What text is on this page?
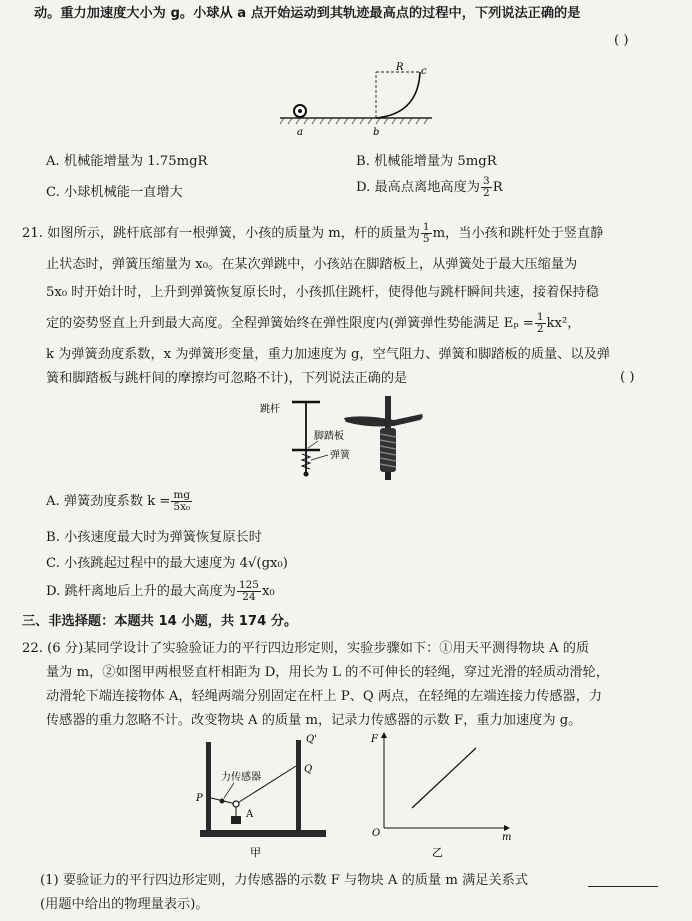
动。重力加速度大小为 g。小球从 a 点开始运动到其轨迹最高点的过程中，下列说法正确的是
( )
R c
a	b
A. 机械能增量为 1.75mgR	B. 机械能增量为 5mgR
C. 小球机械能一直增大	D. 最高点离地高度为 $\frac{3}{2}$ R
21. 如图所示，跳杆底部有一根弹簧，小孩的质量为 m，杆的质量为 $\frac{1}{5}$ m，当小孩和跳杆处于竖直静
止状态时，弹簧压缩量为 x₀。在某次弹跳中，小孩站在脚踏板上，从弹簧处于最大压缩量为
5x₀ 时开始计时，上升到弹簧恢复原长时，小孩抓住跳杆，使得他与跳杆瞬间共速，接着保持稳
定的姿势竖直上升到最大高度。全程弹簧始终在弹性限度内(弹簧弹性势能满足 $E_p = \frac{1}{2} kx^2$，
k 为弹簧劲度系数，x 为弹簧形变量，重力加速度为 g，空气阻力、弹簧和脚踏板的质量、以及弹
簧和脚踏板与跳杆间的摩擦均可忽略不计)，下列说法正确的是	( )
跳杆
脚踏板
弹簧
A. 弹簧劲度系数 $k = \frac{mg}{\text{5x₀}}$
B. 小孩速度最大时为弹簧恢复原长时
C. 小孩跳起过程中的最大速度为 4√(gx₀)
D. 跳杆离地后上升的最大高度为 $\frac{125}{24} x_0$
三、非选择题：本题共 14 小题，共 174 分。
22. (6 分)某同学设计了实验验证力的平行四边形定则，实验步骤如下：①用天平测得物块 A 的质
量为 m，②如图甲两根竖直杆相距为 D，用长为 L 的不可伸长的轻绳，穿过光滑的轻质动滑轮，
动滑轮下端连接物体 A，轻绳两端分别固定在杆上 P、Q 两点，在轻绳的左端连接力传感器，力
传感器的重力忽略不计。改变物块 A 的质量 m，记录力传感器的示数 F，重力加速度为 g。
力传感器
P
Q
Q'
A
甲
F
O	m
乙
(1) 要验证力的平行四边形定则，力传感器的示数 F 与物块 A 的质量 m 满足关系式
(用题中给出的物理量表示)。
